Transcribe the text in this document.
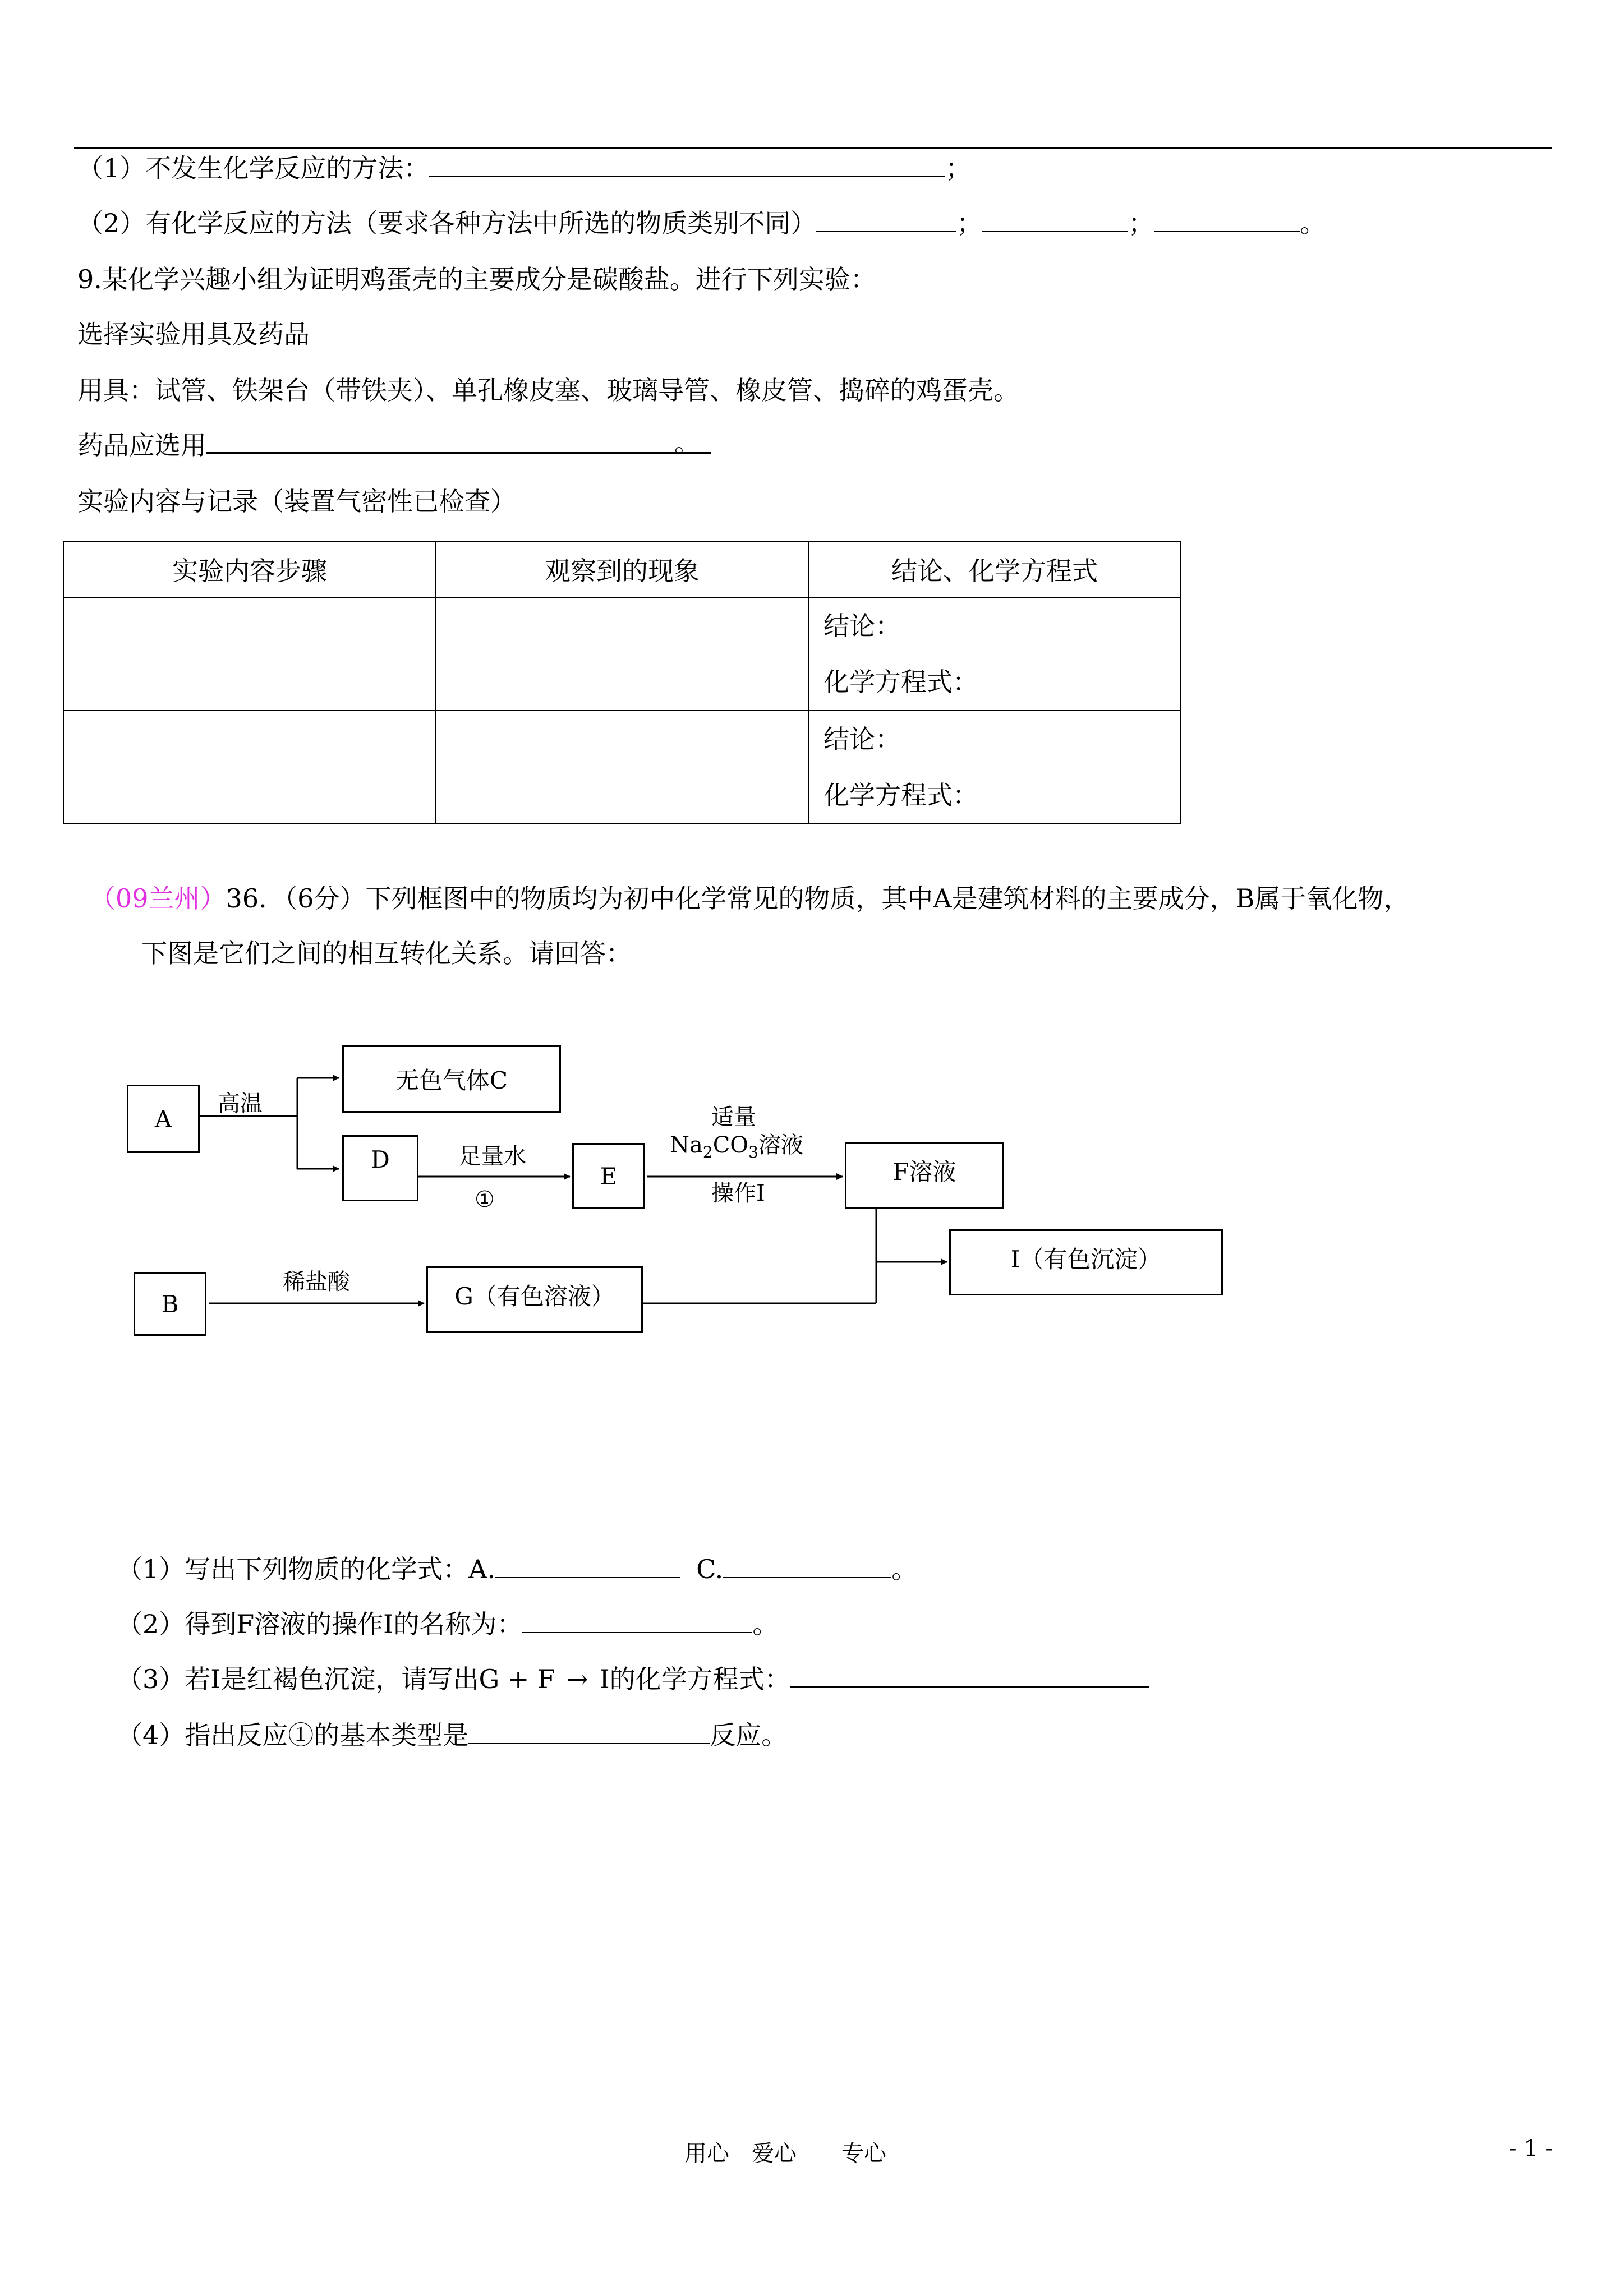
（1）不发生化学反应的方法：	；
（2）有化学反应的方法（要求各种方法中所选的物质类别不同）	；	；	。
9.某化学兴趣小组为证明鸡蛋壳的主要成分是碳酸盐。进行下列实验：
选择实验用具及药品
用具：试管、铁架台（带铁夹）、单孔橡皮塞、玻璃导管、橡皮管、捣碎的鸡蛋壳。
药品应选用	。
实验内容与记录（装置气密性已检查）
实验内容步骤	观察到的现象	结论、化学方程式

		结论：
化学方程式：

		结论：
化学方程式：
（09兰州）36．（6分）下列框图中的物质均为初中化学常见的物质，其中A是建筑材料的主要成分，B属于氧化物，
下图是它们之间的相互转化关系。请回答：
A
无色气体C
D
E	F溶液
I（有色沉淀）
B	G（有色溶液）
高温
足量水
①
适量
$Na_2CO_3$溶液
操作Ⅰ
稀盐酸
（1）写出下列物质的化学式：A.	C.	。
（2）得到F溶液的操作Ⅰ的名称为：	。
（3）若I是红褐色沉淀，请写出G + F → I的化学方程式：
（4）指出反应①的基本类型是	反应。
用心　爱心　　专心	- 1 -
